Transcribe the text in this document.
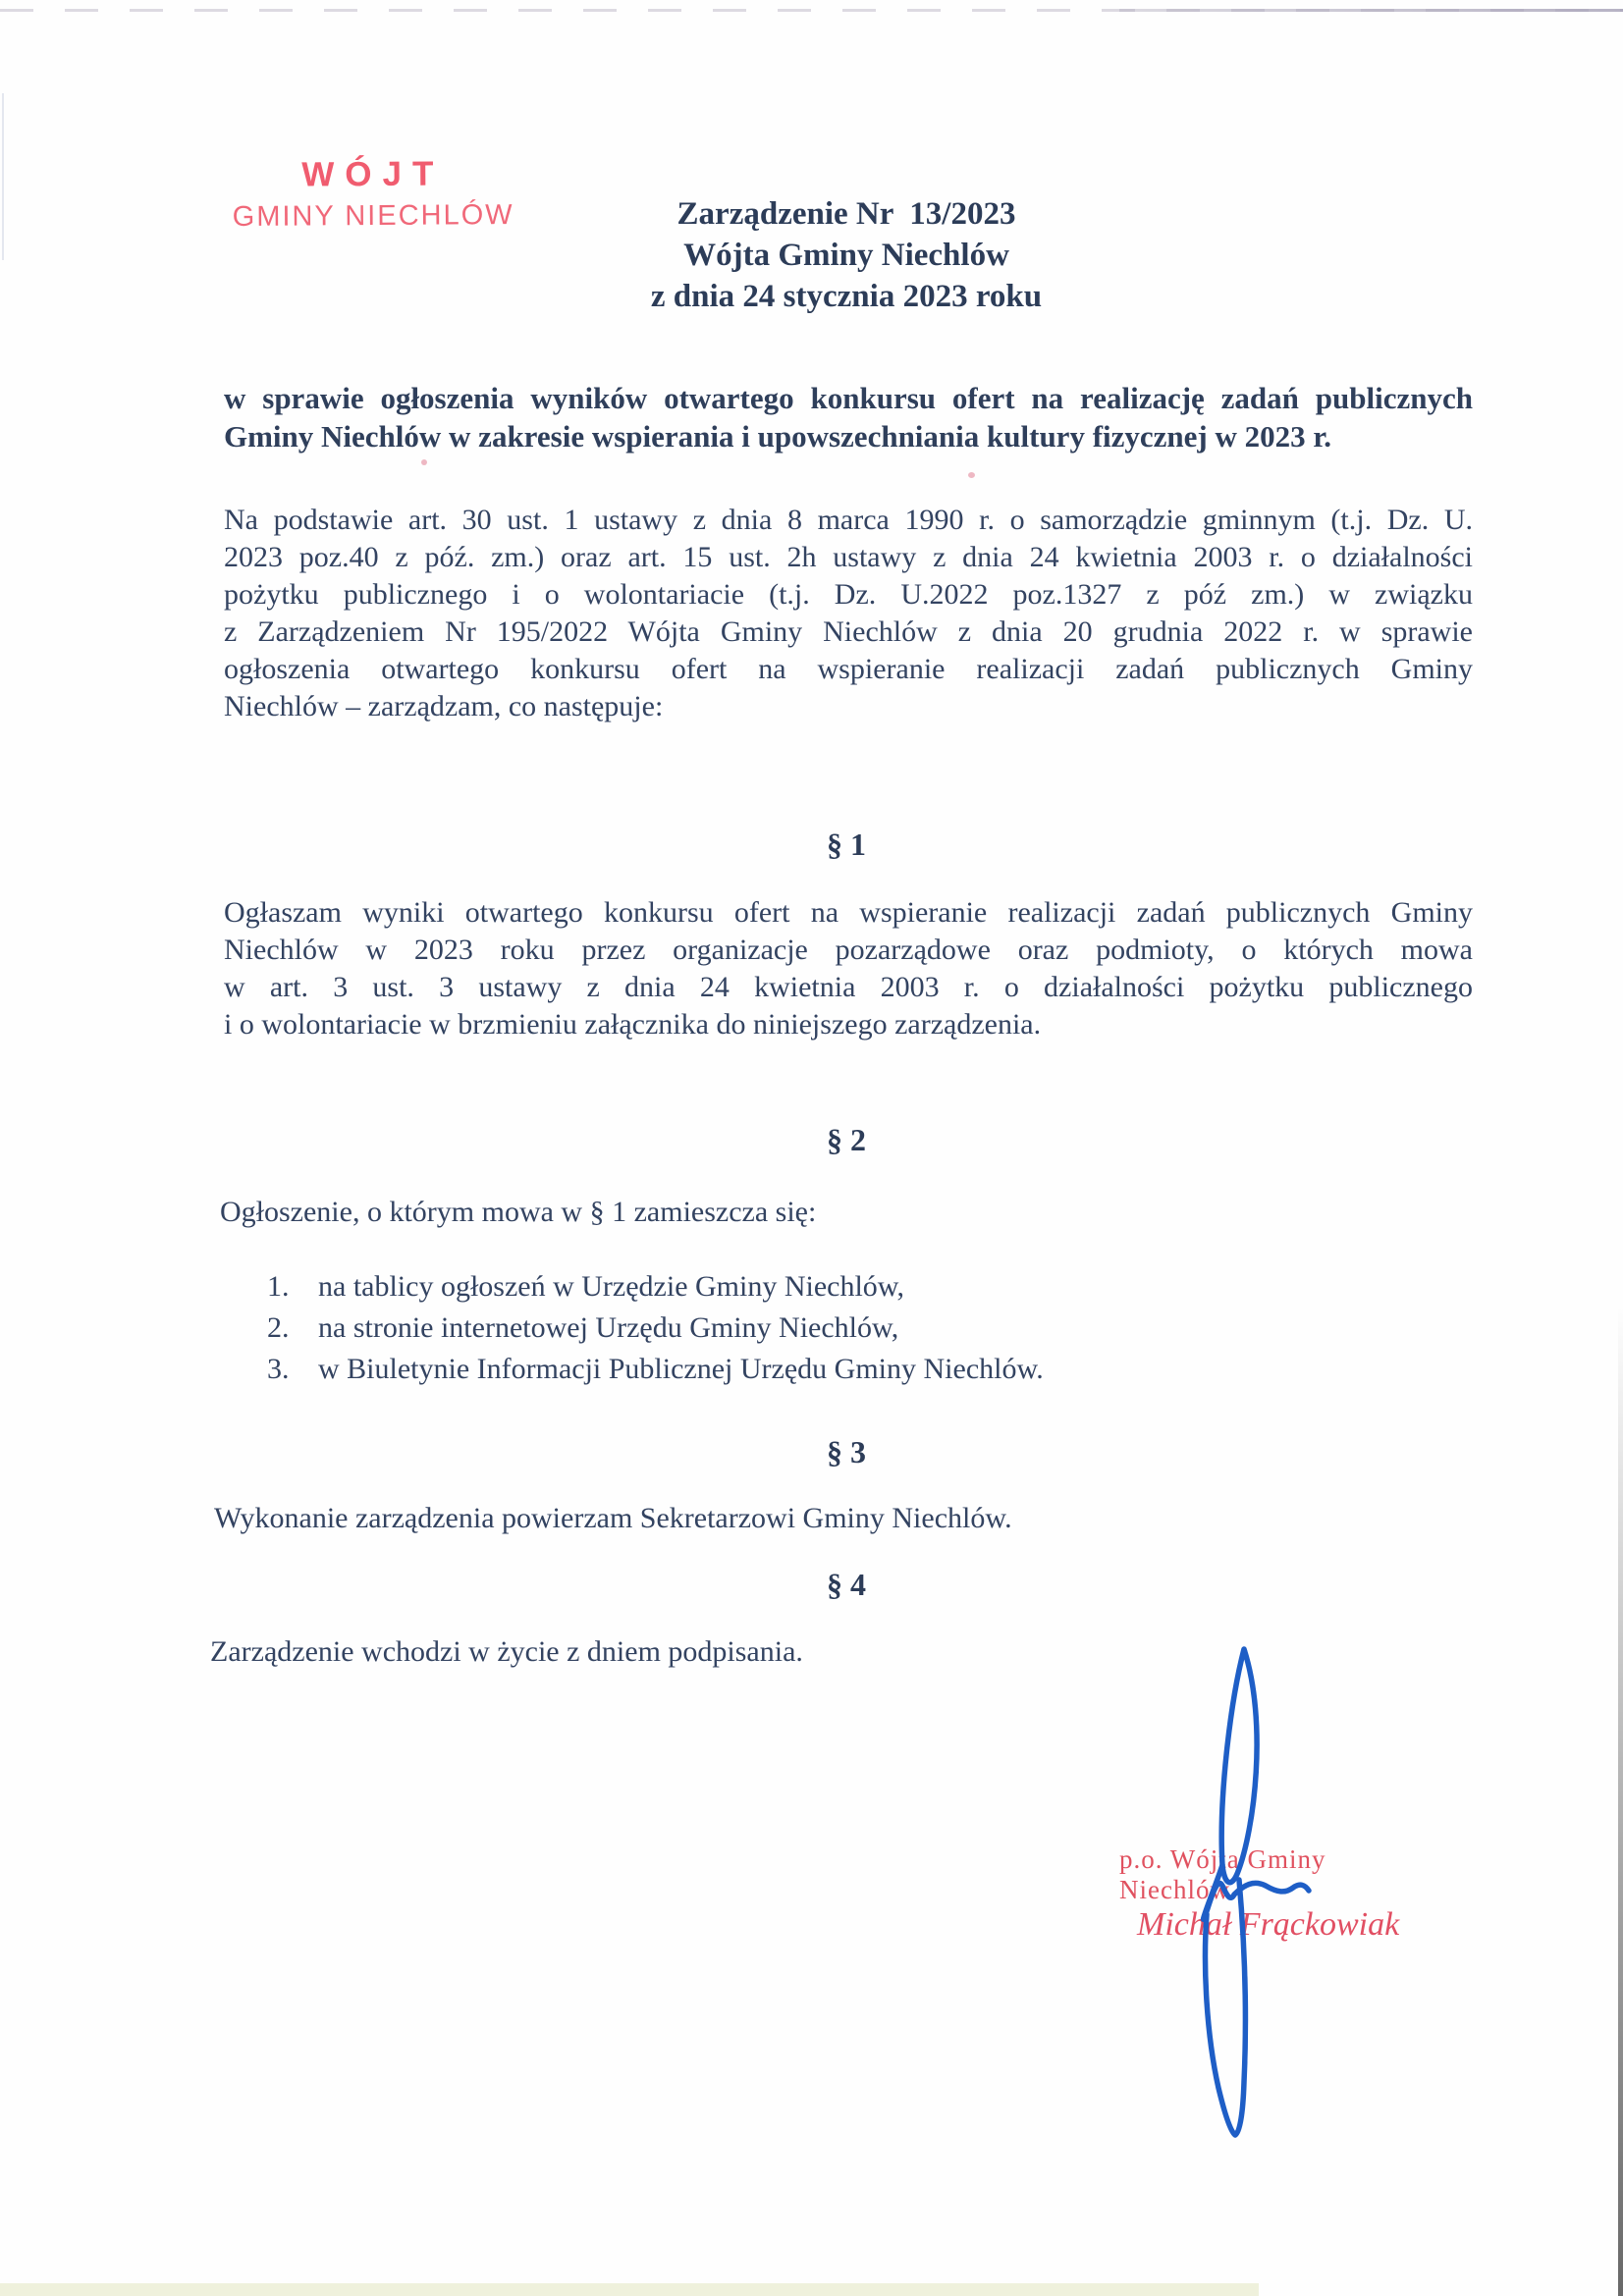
WÓJT
GMINY NIECHLÓW	Zarządzenie Nr  13/2023
Wójta Gminy Niechlów
z dnia 24 stycznia 2023 roku
w sprawie ogłoszenia wyników otwartego konkursu ofert na realizację zadań publicznych
Gminy Niechlów w zakresie wspierania i upowszechniania kultury fizycznej w 2023 r.
Na podstawie art. 30 ust. 1 ustawy z dnia 8 marca 1990 r. o samorządzie gminnym (t.j. Dz. U.
2023 poz.40 z póź. zm.) oraz art. 15 ust. 2h ustawy z dnia 24 kwietnia 2003 r. o działalności
pożytku publicznego i o wolontariacie (t.j. Dz. U.2022 poz.1327 z póź zm.) w związku
z Zarządzeniem Nr 195/2022 Wójta Gminy Niechlów z dnia 20 grudnia 2022 r. w sprawie
ogłoszenia otwartego konkursu ofert na wspieranie realizacji zadań publicznych Gminy
Niechlów – zarządzam, co następuje:
§ 1
Ogłaszam wyniki otwartego konkursu ofert na wspieranie realizacji zadań publicznych Gminy
Niechlów w 2023 roku przez organizacje pozarządowe oraz podmioty, o których mowa
w art. 3 ust. 3 ustawy z dnia 24 kwietnia 2003 r. o działalności pożytku publicznego
i o wolontariacie w brzmieniu załącznika do niniejszego zarządzenia.
§ 2
Ogłoszenie, o którym mowa w § 1 zamieszcza się:
1. na tablicy ogłoszeń w Urzędzie Gminy Niechlów,
2. na stronie internetowej Urzędu Gminy Niechlów,
3. w Biuletynie Informacji Publicznej Urzędu Gminy Niechlów.
§ 3
Wykonanie zarządzenia powierzam Sekretarzowi Gminy Niechlów.
§ 4
Zarządzenie wchodzi w życie z dniem podpisania.
p.o. Wójta Gminy Niechlów
Michał Frąckowiak
